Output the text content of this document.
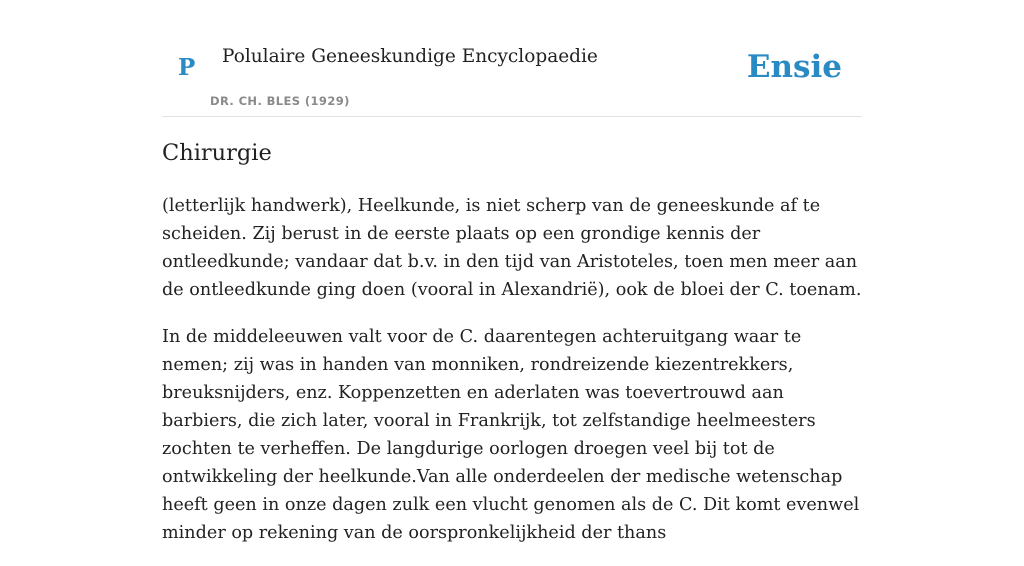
P Polulaire Geneeskundige Encyclopaedie
DR. CH. BLES (1929)
Ensie
Chirurgie

(letterlijk handwerk), Heelkunde, is niet scherp van de geneeskunde af te scheiden. Zij berust in de eerste plaats op een grondige kennis der ontleedkunde; vandaar dat b.v. in den tijd van Aristoteles, toen men meer aan de ontleedkunde ging doen (vooral in Alexandrië), ook de bloei der C. toenam.

In de middeleeuwen valt voor de C. daarentegen achteruitgang waar te nemen; zij was in handen van monniken, rondreizende kiezentrekkers, breuksnijders, enz. Koppenzetten en aderlaten was toevertrouwd aan barbiers, die zich later, vooral in Frankrijk, tot zelfstandige heelmeesters zochten te verheffen. De langdurige oorlogen droegen veel bij tot de ontwikkeling der heelkunde.Van alle onderdeelen der medische wetenschap heeft geen in onze dagen zulk een vlucht genomen als de C. Dit komt evenwel minder op rekening van de oorspronkelijkheid der thans
